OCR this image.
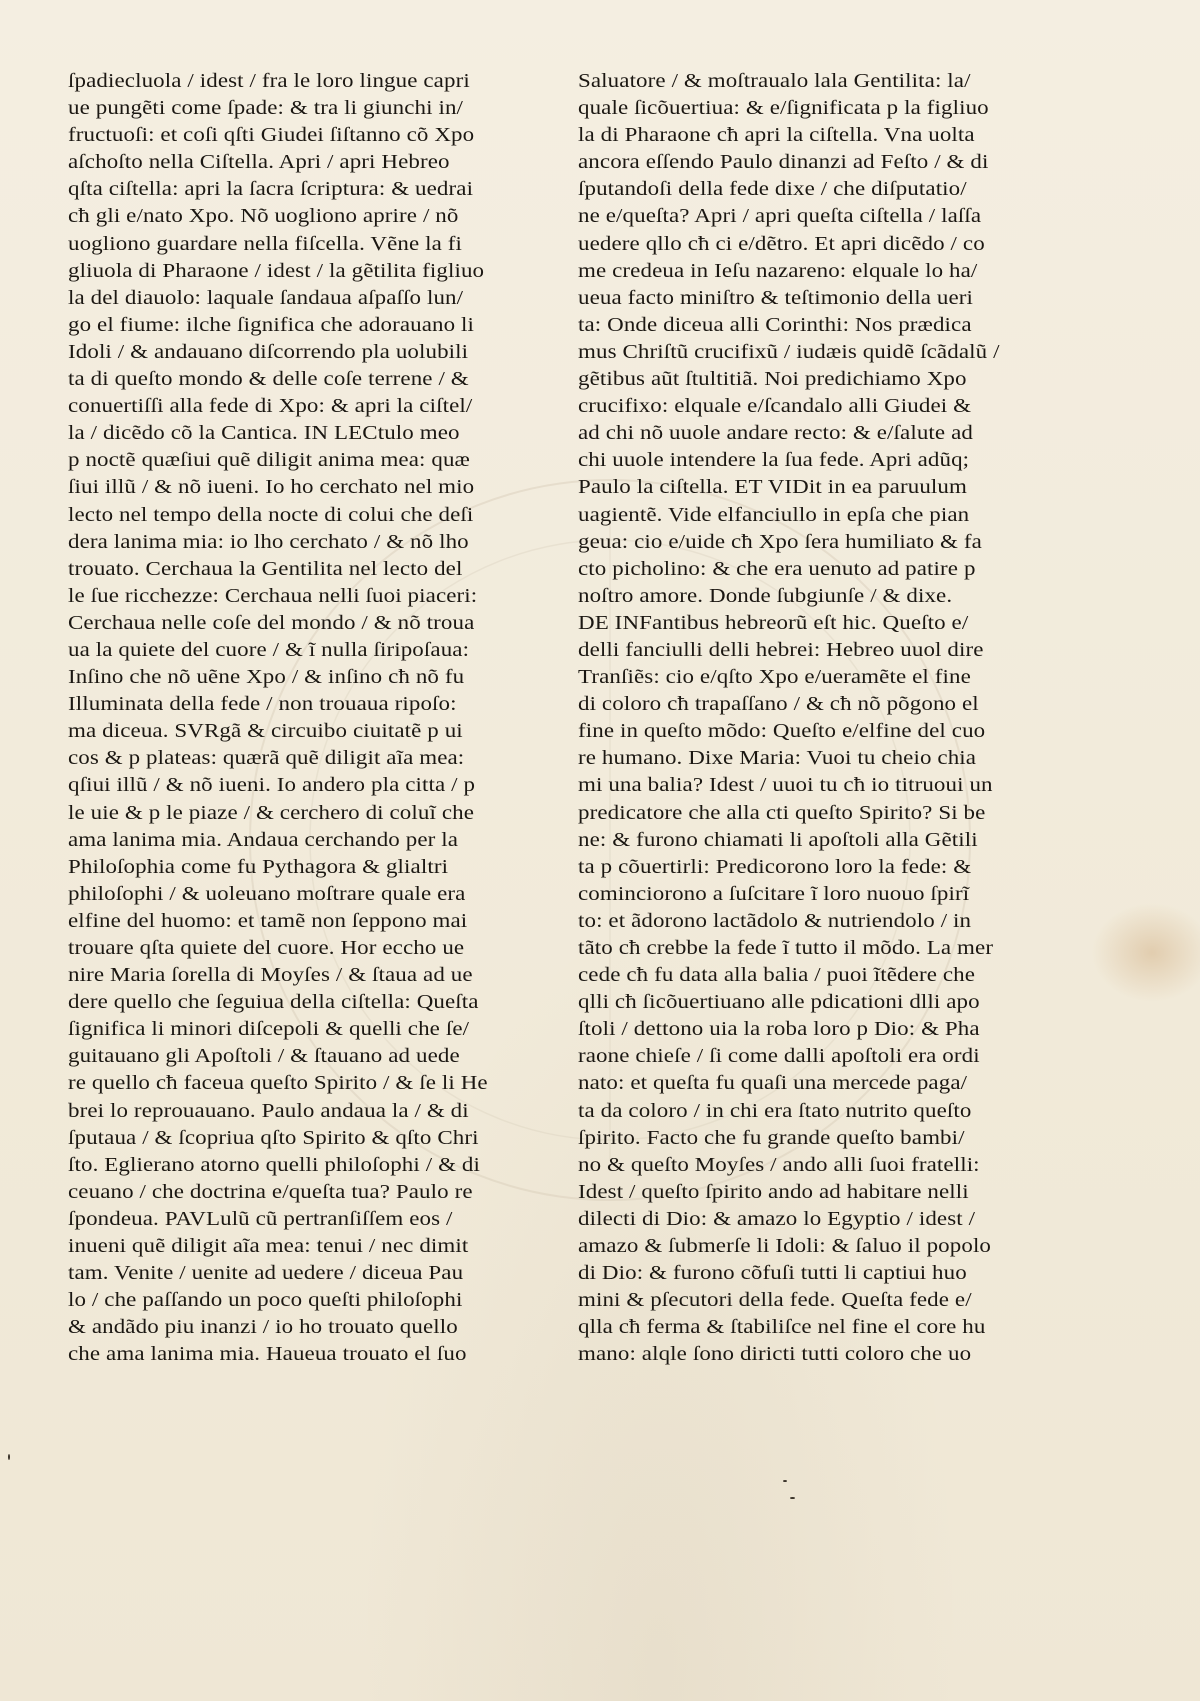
ſpadiecluola / idest / fra le loro lingue capri
ue pungẽti come ſpade: & tra li giunchi in/
fructuoſi: et coſi qſti Giudei ſiſtanno cõ Xpo
aſchoſto nella Ciſtella. Apri / apri Hebreo
qſta ciſtella: apri la ſacra ſcriptura: & uedrai
cħ gli e/nato Xpo. Nõ uogliono aprire / nõ
uogliono guardare nella fiſcella. Vẽne la fi
gliuola di Pharaone / idest / la gẽtilita figliuo
la del diauolo: laquale ſandaua aſpaſſo lun/
go el fiume: ilche ſignifica che adorauano li
Idoli / & andauano diſcorrendo pla uolubili
ta di queſto mondo & delle coſe terrene / &
conuertiſſi alla fede di Xpo: & apri la ciſtel/
la / dicẽdo cõ la Cantica. IN LECtulo meo
p noctẽ quæſiui quẽ diligit anima mea: quæ
ſiui illũ / & nõ iueni. Io ho cerchato nel mio
lecto nel tempo della nocte di colui che deſi
dera lanima mia: io lho cerchato / & nõ lho
trouato. Cerchaua la Gentilita nel lecto del
le ſue ricchezze: Cerchaua nelli ſuoi piaceri:
Cerchaua nelle coſe del mondo / & nõ troua
ua la quiete del cuore / & ĩ nulla ſiripoſaua:
Inſino che nõ uẽne Xpo / & inſino cħ nõ fu
Illuminata della fede / non trouaua ripoſo:
ma diceua. SVRgã & circuibo ciuitatẽ p ui
cos & p plateas: quærã quẽ diligit aĩa mea:
qſiui illũ / & nõ iueni. Io andero pla citta / p
le uie & p le piaze / & cerchero di coluĩ che
ama lanima mia. Andaua cerchando per la
Philoſophia come fu Pythagora & glialtri
philoſophi / & uoleuano moſtrare quale era
elfine del huomo: et tamẽ non ſeppono mai
trouare qſta quiete del cuore. Hor eccho ue
nire Maria ſorella di Moyſes / & ſtaua ad ue
dere quello che ſeguiua della ciſtella: Queſta
ſignifica li minori diſcepoli & quelli che ſe/
guitauano gli Apoſtoli / & ſtauano ad uede
re quello cħ faceua queſto Spirito / & ſe li He
brei lo reprouauano. Paulo andaua la / & di
ſputaua / & ſcopriua qſto Spirito & qſto Chri
ſto. Eglierano atorno quelli philoſophi / & di
ceuano / che doctrina e/queſta tua? Paulo re
ſpondeua. PAVLulũ cũ pertranſiſſem eos /
inueni quẽ diligit aĩa mea: tenui / nec dimit
tam. Venite / uenite ad uedere / diceua Pau
lo / che paſſando un poco queſti philoſophi
& andãdo piu inanzi / io ho trouato quello
che ama lanima mia. Haueua trouato el ſuo
Saluatore / & moſtraualo lala Gentilita: la/
quale ſicõuertiua: & e/ſignificata p la figliuo
la di Pharaone cħ apri la ciſtella. Vna uolta
ancora eſſendo Paulo dinanzi ad Feſto / & di
ſputandoſi della fede dixe / che diſputatio/
ne e/queſta? Apri / apri queſta ciſtella / laſſa
uedere qllo cħ ci e/dẽtro. Et apri dicẽdo / co
me credeua in Ieſu nazareno: elquale lo ha/
ueua facto miniſtro & teſtimonio della ueri
ta: Onde diceua alli Corinthi: Nos prædica
mus Chriſtũ crucifixũ / iudæis quidẽ ſcãdalũ /
gẽtibus aũt ſtultitiã. Noi predichiamo Xpo
crucifixo: elquale e/ſcandalo alli Giudei &
ad chi nõ uuole andare recto: & e/ſalute ad
chi uuole intendere la ſua fede. Apri adũq;
Paulo la ciſtella. ET VIDit in ea paruulum
uagientẽ. Vide elfanciullo in epſa che pian
geua: cio e/uide cħ Xpo ſera humiliato & fa
cto picholino: & che era uenuto ad patire p
noſtro amore. Donde ſubgiunſe / & dixe.
DE INFantibus hebreorũ eſt hic. Queſto e/
delli fanciulli delli hebrei: Hebreo uuol dire
Tranſiẽs: cio e/qſto Xpo e/ueramẽte el fine
di coloro cħ trapaſſano / & cħ nõ põgono el
fine in queſto mõdo: Queſto e/elfine del cuo
re humano. Dixe Maria: Vuoi tu cheio chia
mi una balia? Idest / uuoi tu cħ io titruoui un
predicatore che alla cti queſto Spirito? Si be
ne: & furono chiamati li apoſtoli alla Gẽtili
ta p cõuertirli: Predicorono loro la fede: &
cominciorono a ſuſcitare ĩ loro nuouo ſpirĩ
to: et ãdorono lactãdolo & nutriendolo / in
tãto cħ crebbe la fede ĩ tutto il mõdo. La mer
cede cħ fu data alla balia / puoi ĩtẽdere che
qlli cħ ſicõuertiuano alle pdicationi dlli apo
ſtoli / dettono uia la roba loro p Dio: & Pha
raone chieſe / ſi come dalli apoſtoli era ordi
nato: et queſta fu quaſi una mercede paga/
ta da coloro / in chi era ſtato nutrito queſto
ſpirito. Facto che fu grande queſto bambi/
no & queſto Moyſes / ando alli ſuoi fratelli:
Idest / queſto ſpirito ando ad habitare nelli
dilecti di Dio: & amazo lo Egyptio / idest /
amazo & ſubmerſe li Idoli: & ſaluo il popolo
di Dio: & furono cõfuſi tutti li captiui huo
mini & pſecutori della fede. Queſta fede e/
qlla cħ ferma & ſtabiliſce nel fine el core hu
mano: alqle ſono diricti tutti coloro che uo
